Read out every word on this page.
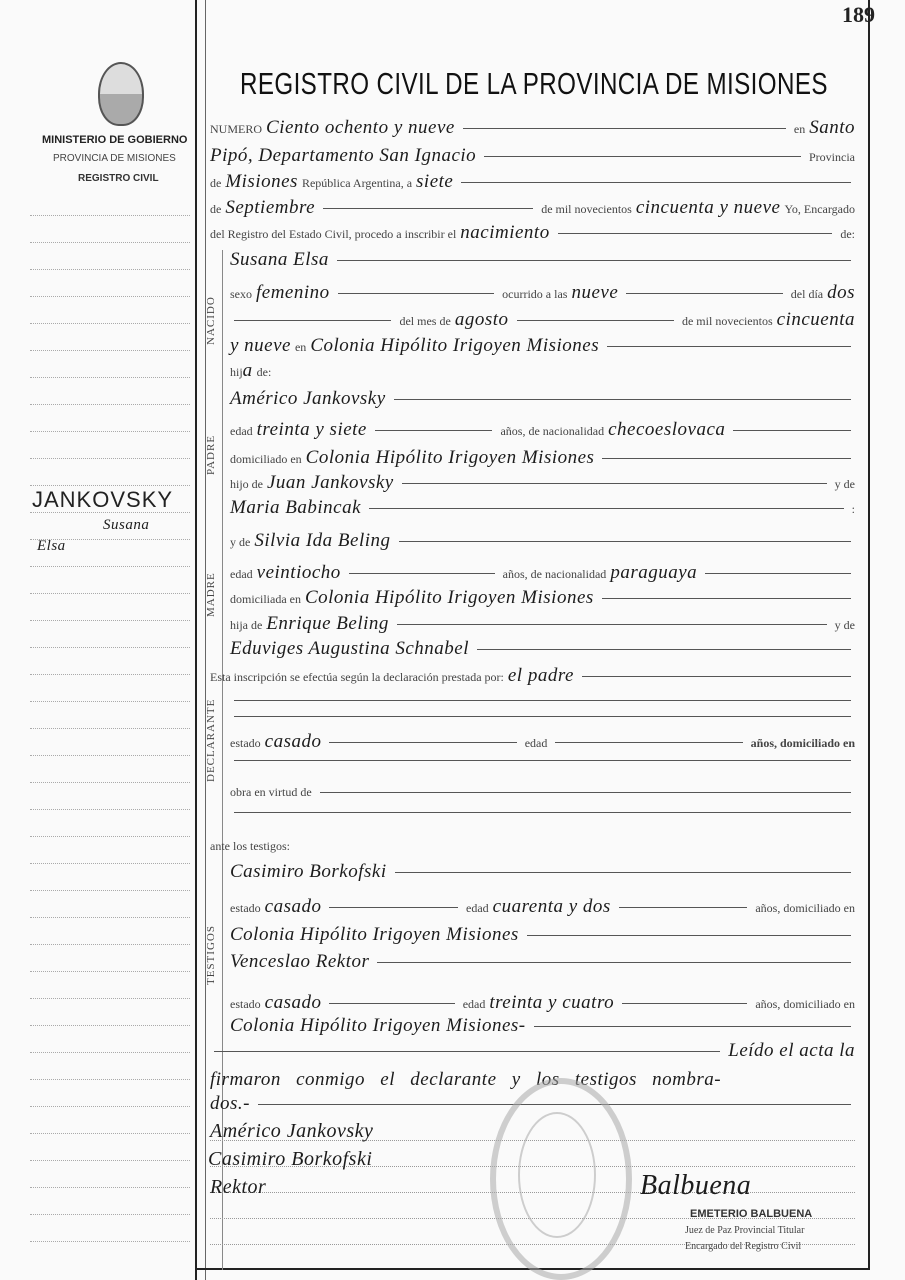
189
MINISTERIO DE GOBIERNO
PROVINCIA DE MISIONES
REGISTRO CIVIL
JANKOVSKY
Susana
Elsa
REGISTRO CIVIL DE LA PROVINCIA DE MISIONES
NACIDO
PADRE
MADRE
DECLARANTE
TESTIGOS
NUMERO Ciento ochento y nueve	en Santo
Pipó, Departamento San Ignacio	Provincia
de Misiones República Argentina, a siete
de Septiembre	de mil novecientos cincuenta y nueve Yo, Encargado
del Registro del Estado Civil, procedo a inscribir el nacimiento	de:
Susana Elsa
sexo femenino	ocurrido a las nueve	del día dos
del mes de agosto	de mil novecientos cincuenta
y nueve en Colonia Hipólito Irigoyen Misiones
hij a de:
Américo Jankovsky
edad treinta y siete	años, de nacionalidad checoeslovaca
domiciliado en Colonia Hipólito Irigoyen Misiones
hijo de Juan Jankovsky	y de
Maria Babincak	:
y de Silvia Ida Beling
edad veintiocho	años, de nacionalidad paraguaya
domiciliada en Colonia Hipólito Irigoyen Misiones
hija de Enrique Beling	y de
Eduviges Augustina Schnabel
Esta inscripción se efectúa según la declaración prestada por: el padre
estado casado	edad	años, domiciliado en
obra en virtud de
ante los testigos:
Casimiro Borkofski
estado casado	edad cuarenta y dos	años, domiciliado en
Colonia Hipólito Irigoyen Misiones
Venceslao Rektor
estado casado	edad treinta y cuatro	años, domiciliado en
Colonia Hipólito Irigoyen Misiones-
Leído el acta la
firmaron conmigo el declarante y los testigos nombra-
dos.-
Américo Jankovsky
Casimiro Borkofski
Rektor	Balbuena
EMETERIO BALBUENA
Juez de Paz Provincial Titular
Encargado del Registro Civil
